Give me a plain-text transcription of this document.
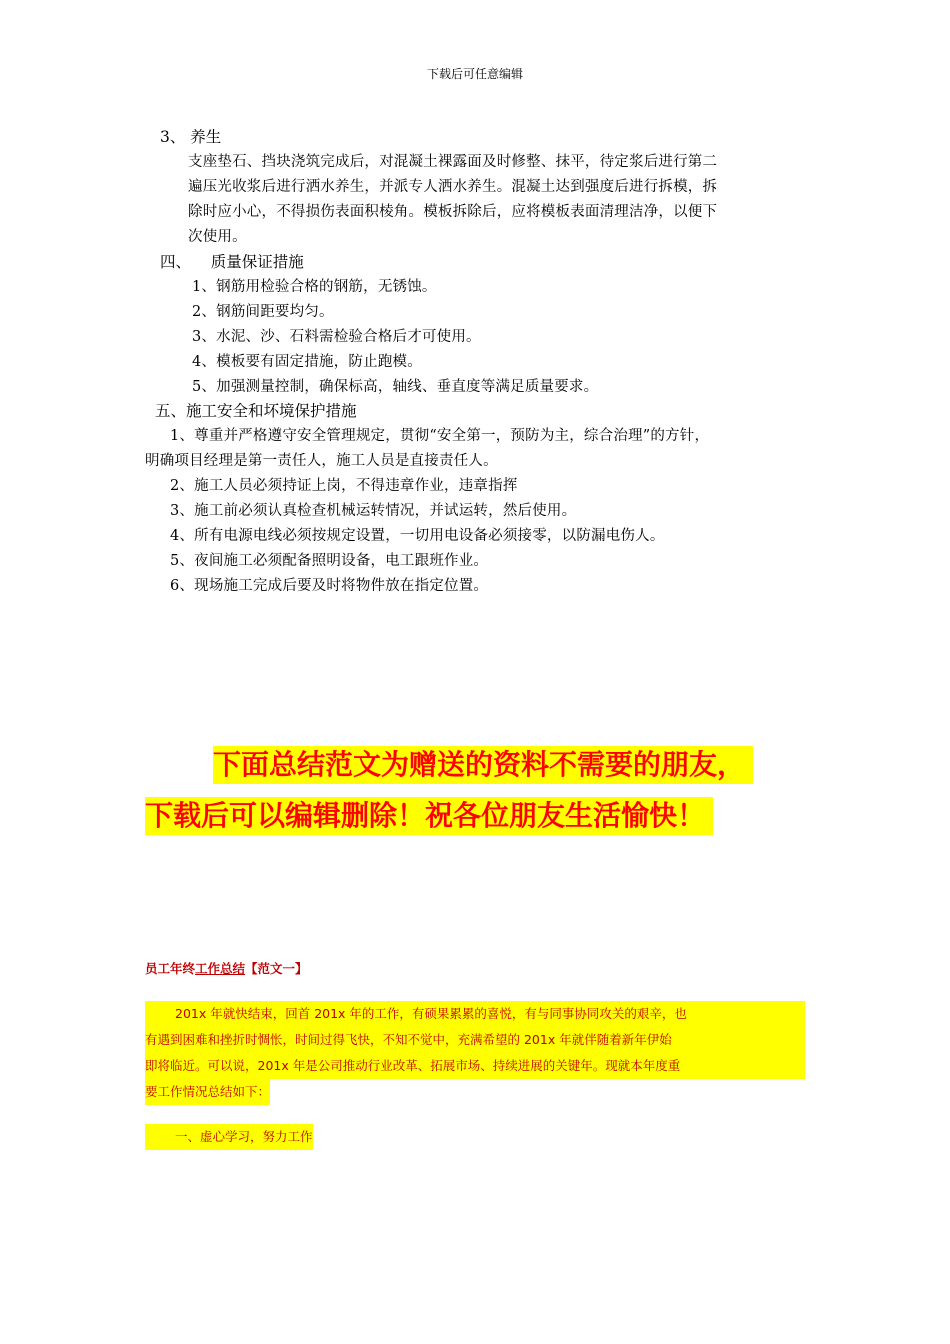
下载后可任意编辑
3、 养生
支座垫石、挡块浇筑完成后，对混凝土裸露面及时修整、抹平，待定浆后进行第二
遍压光收浆后进行洒水养生，并派专人洒水养生。混凝土达到强度后进行拆模，拆
除时应小心，不得损伤表面积棱角。模板拆除后，应将模板表面清理洁净，以便下
次使用。
四、    质量保证措施
1、钢筋用检验合格的钢筋，无锈蚀。
2、钢筋间距要均匀。
3、水泥、沙、石料需检验合格后才可使用。
4、模板要有固定措施，防止跑模。
5、加强测量控制，确保标高，轴线、垂直度等满足质量要求。
五、施工安全和坏境保护措施
1、尊重并严格遵守安全管理规定，贯彻“安全第一，预防为主，综合治理”的方针，
明确项目经理是第一责任人，施工人员是直接责任人。
2、施工人员必须持证上岗，不得违章作业，违章指挥
3、施工前必须认真检查机械运转情况，并试运转，然后使用。
4、所有电源电线必须按规定设置，一切用电设备必须接零，以防漏电伤人。
5、夜间施工必须配备照明设备，电工跟班作业。
6、现场施工完成后要及时将物件放在指定位置。
下面总结范文为赠送的资料不需要的朋友，
下载后可以编辑删除！祝各位朋友生活愉快！
员工年终工作总结【范文一】
201x 年就快结束，回首 201x 年的工作，有硕果累累的喜悦，有与同事协同攻关的艰辛，也
有遇到困难和挫折时惆怅，时间过得飞快，不知不觉中，充满希望的 201x 年就伴随着新年伊始
即将临近。可以说，201x 年是公司推动行业改革、拓展市场、持续进展的关键年。现就本年度重
要工作情况总结如下：
一、虚心学习，努力工作
